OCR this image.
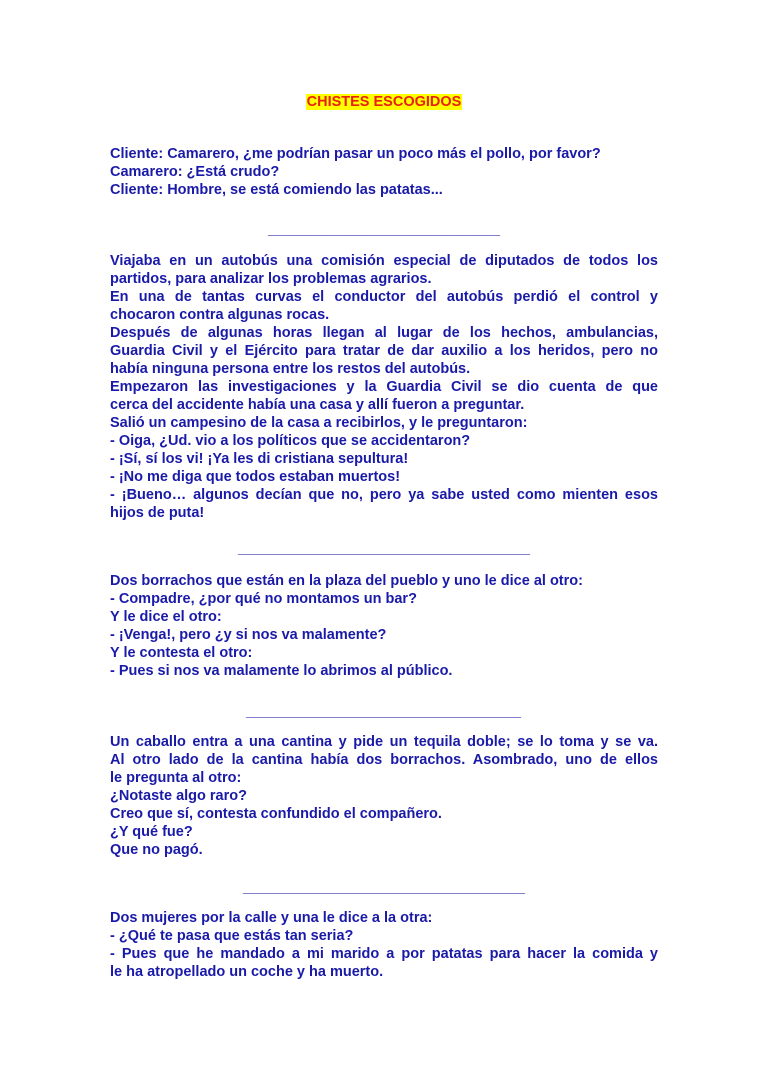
CHISTES ESCOGIDOS
Cliente: Camarero, ¿me podrían pasar un poco más el pollo, por favor?
Camarero: ¿Está crudo?
Cliente: Hombre, se está comiendo las patatas...
Viajaba en un autobús una comisión especial de diputados de todos los
partidos, para analizar los problemas agrarios.
En una de tantas curvas el conductor del autobús perdió el control y
chocaron contra algunas rocas.
Después de algunas horas llegan al lugar de los hechos, ambulancias,
Guardia Civil y el Ejército para tratar de dar auxilio a los heridos, pero no
había ninguna persona entre los restos del autobús.
Empezaron las investigaciones y la Guardia Civil se dio cuenta de que
cerca del accidente había una casa y allí fueron a preguntar.
Salió un campesino de la casa a recibirlos, y le preguntaron:
- Oiga, ¿Ud. vio a los políticos que se accidentaron?
- ¡Sí, sí los vi! ¡Ya les di cristiana sepultura!
- ¡No me diga que todos estaban muertos!
- ¡Bueno… algunos decían que no, pero ya sabe usted como mienten esos
hijos de puta!
Dos borrachos que están en la plaza del pueblo y uno le dice al otro:
- Compadre, ¿por qué no montamos un bar?
Y le dice el otro:
- ¡Venga!, pero ¿y si nos va malamente?
Y le contesta el otro:
- Pues si nos va malamente lo abrimos al público.
Un caballo entra a una cantina y pide un tequila doble; se lo toma y se va.
Al otro lado de la cantina había dos borrachos. Asombrado, uno de ellos
le pregunta al otro:
¿Notaste algo raro?
Creo que sí, contesta confundido el compañero.
¿Y qué fue?
Que no pagó.
Dos mujeres por la calle y una le dice a la otra:
- ¿Qué te pasa que estás tan seria?
- Pues que he mandado a mi marido a por patatas para hacer la comida y
le ha atropellado un coche y ha muerto.
____________________________
____________________________
____________________________
____________________________
